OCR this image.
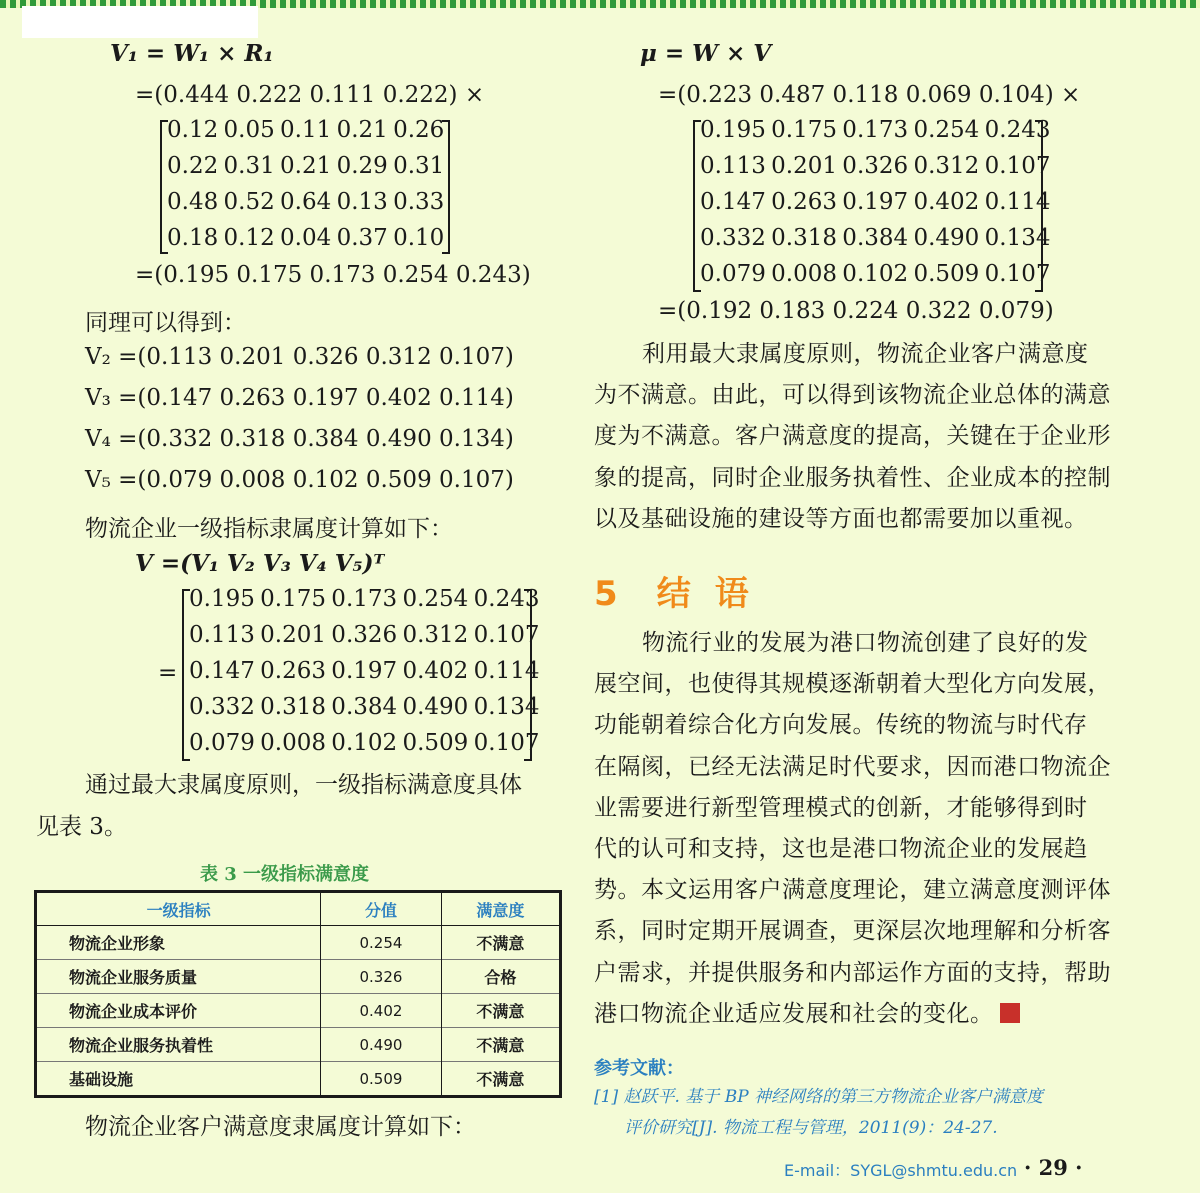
V₁ = W₁ × R₁
=(0.444 0.222 0.111 0.222) ×
0.12 0.05 0.11 0.21 0.26
0.22 0.31 0.21 0.29 0.31
0.48 0.52 0.64 0.13 0.33
0.18 0.12 0.04 0.37 0.10
=(0.195 0.175 0.173 0.254 0.243)
同理可以得到：
V₂ =(0.113 0.201 0.326 0.312 0.107)
V₃ =(0.147 0.263 0.197 0.402 0.114)
V₄ =(0.332 0.318 0.384 0.490 0.134)
V₅ =(0.079 0.008 0.102 0.509 0.107)
物流企业一级指标隶属度计算如下：
V =(V₁ V₂ V₃ V₄ V₅)ᵀ
=
0.195 0.175 0.173 0.254 0.243
0.113 0.201 0.326 0.312 0.107
0.147 0.263 0.197 0.402 0.114
0.332 0.318 0.384 0.490 0.134
0.079 0.008 0.102 0.509 0.107
通过最大隶属度原则，一级指标满意度具体
见表 3。
表 3 一级指标满意度
一级指标	分值	满意度
物流企业形象	0.254	不满意
物流企业服务质量	0.326	合格
物流企业成本评价	0.402	不满意
物流企业服务执着性	0.490	不满意
基础设施	0.509	不满意
物流企业客户满意度隶属度计算如下：
μ = W × V
=(0.223 0.487 0.118 0.069 0.104) ×
0.195 0.175 0.173 0.254 0.243
0.113 0.201 0.326 0.312 0.107
0.147 0.263 0.197 0.402 0.114
0.332 0.318 0.384 0.490 0.134
0.079 0.008 0.102 0.509 0.107
=(0.192 0.183 0.224 0.322 0.079)
利用最大隶属度原则，物流企业客户满意度
为不满意。由此，可以得到该物流企业总体的满意
度为不满意。客户满意度的提高，关键在于企业形
象的提高，同时企业服务执着性、企业成本的控制
以及基础设施的建设等方面也都需要加以重视。
5 结语
物流行业的发展为港口物流创建了良好的发
展空间，也使得其规模逐渐朝着大型化方向发展，
功能朝着综合化方向发展。传统的物流与时代存
在隔阂，已经无法满足时代要求，因而港口物流企
业需要进行新型管理模式的创新，才能够得到时
代的认可和支持，这也是港口物流企业的发展趋
势。本文运用客户满意度理论，建立满意度测评体
系，同时定期开展调查，更深层次地理解和分析客
户需求，并提供服务和内部运作方面的支持，帮助
港口物流企业适应发展和社会的变化。
参考文献：
[1] 赵跃平. 基于 BP 神经网络的第三方物流企业客户满意度
评价研究[J]. 物流工程与管理，2011(9)：24-27.
E-mail：SYGL@shmtu.edu.cn · 29 ·
